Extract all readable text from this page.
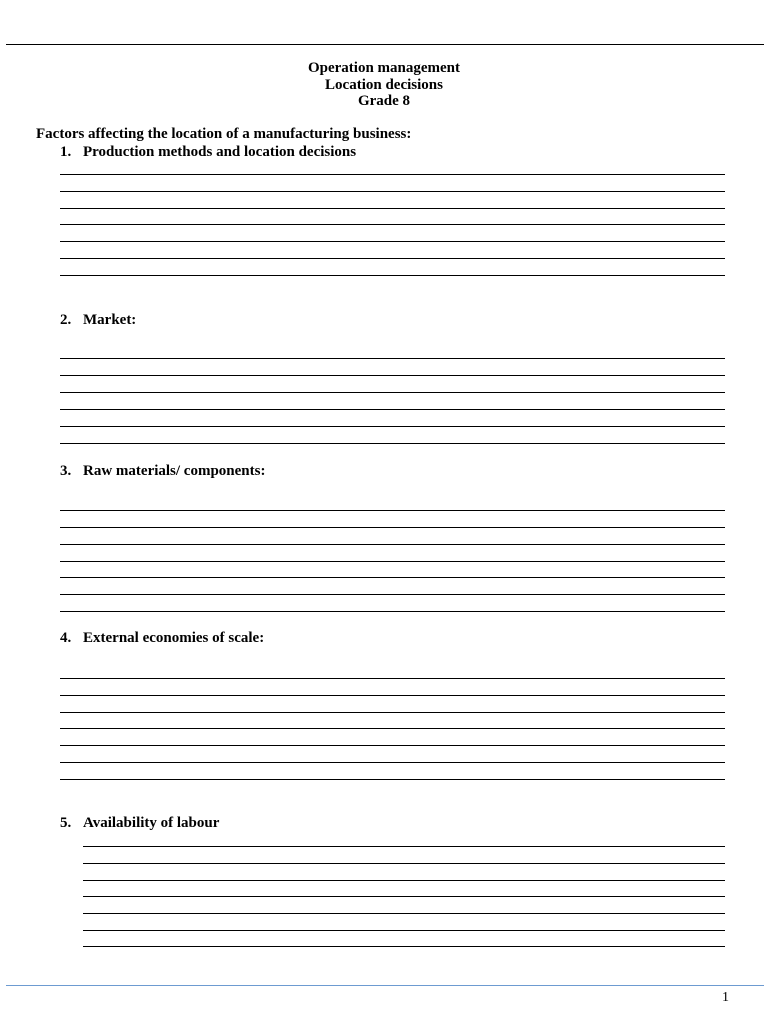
Operation management
Location decisions
Grade 8
Factors affecting the location of a manufacturing business:
1. Production methods and location decisions
2. Market:
3. Raw materials/ components:
4. External economies of scale:
5. Availability of labour
1
